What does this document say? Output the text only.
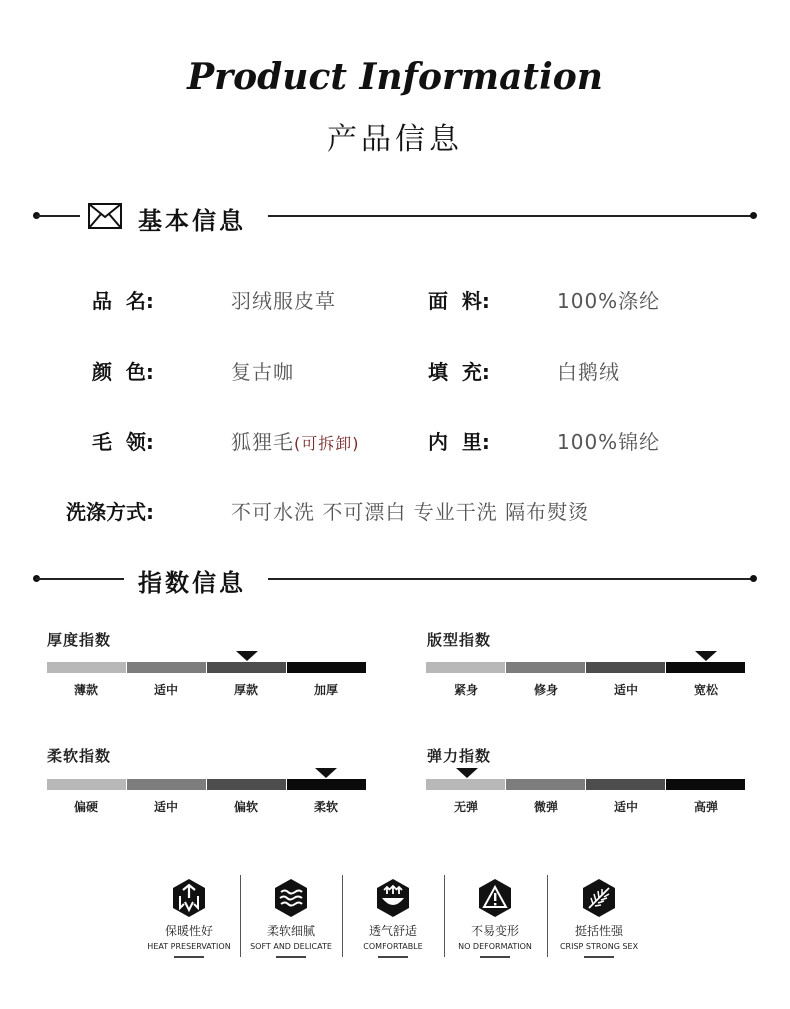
Product Information
产品信息
基本信息
品  名:	羽绒服皮草	面  料:	100%涤纶
颜  色:	复古咖	填  充:	白鹅绒
毛  领:	狐狸毛(可拆卸)	内  里:	100%锦纶
洗涤方式:	不可水洗 不可漂白 专业干洗 隔布熨烫
指数信息
厚度指数
薄款	适中	厚款	加厚
版型指数
紧身	修身	适中	宽松
柔软指数
偏硬	适中	偏软	柔软
弹力指数
无弹	微弹	适中	高弹
保暖性好
HEAT PRESERVATION
柔软细腻
SOFT AND DELICATE
透气舒适
COMFORTABLE
不易变形
NO DEFORMATION
挺括性强
CRISP STRONG SEX
